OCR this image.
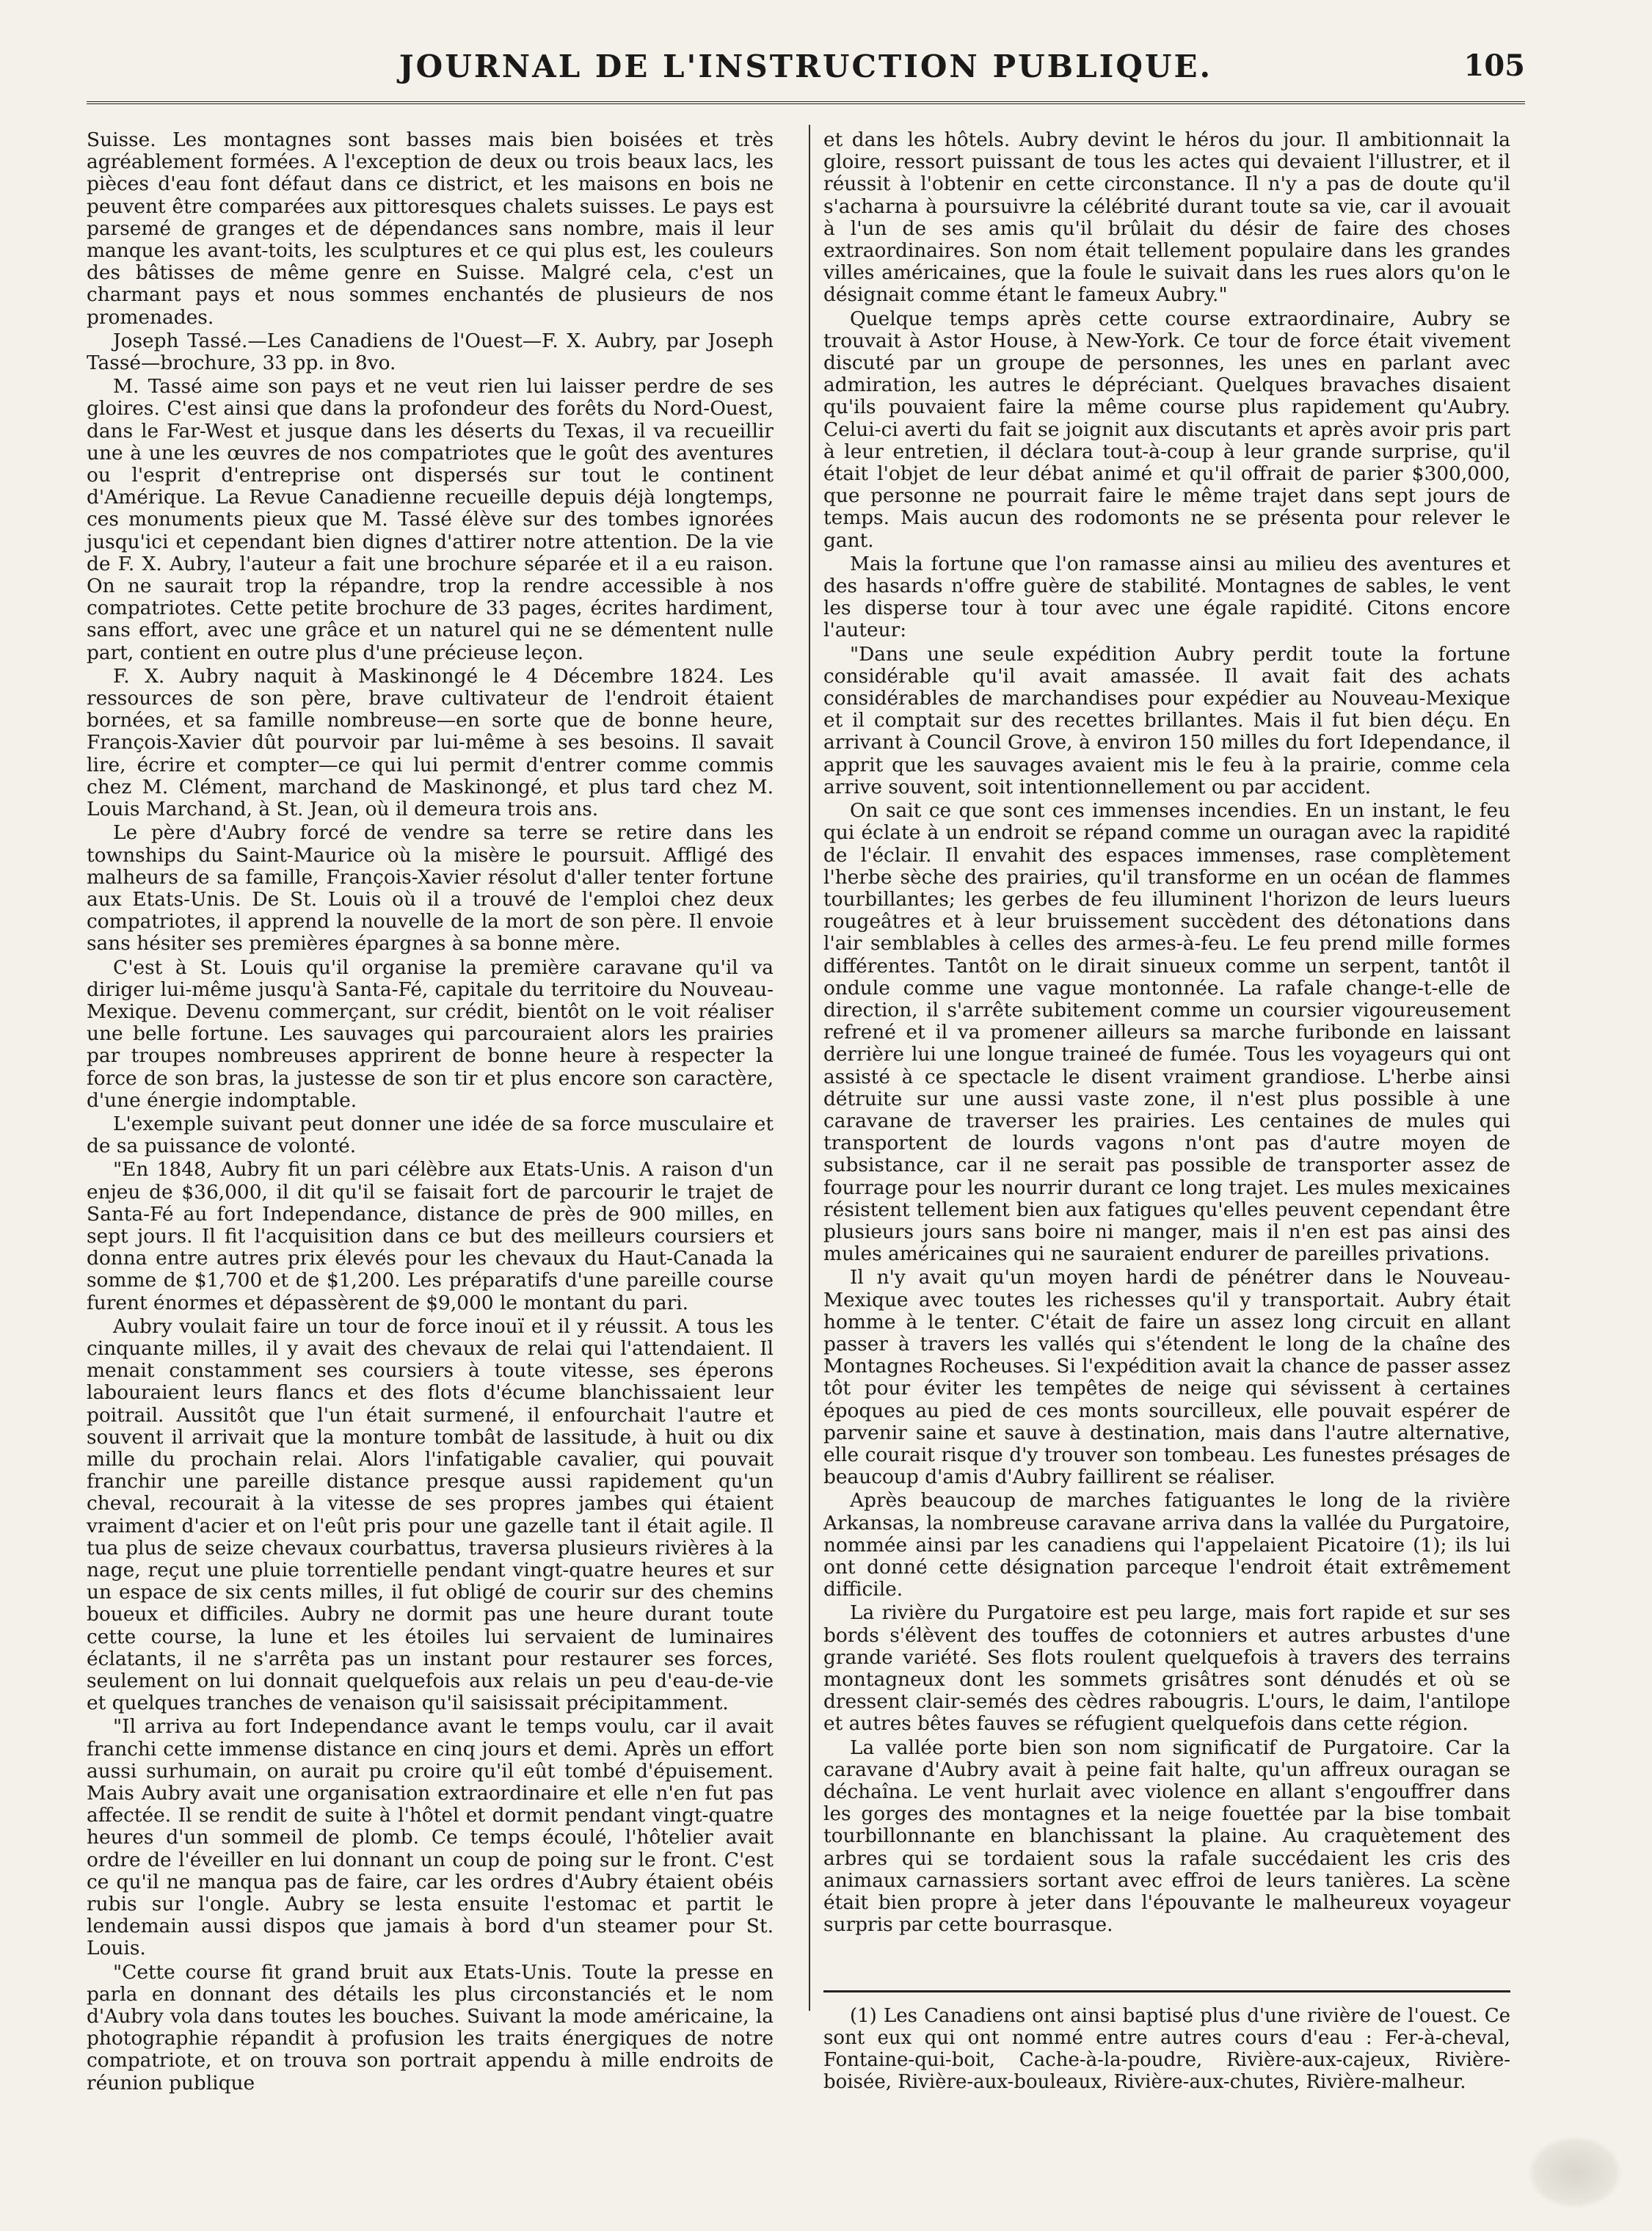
JOURNAL DE L'INSTRUCTION PUBLIQUE.	105

Suisse. Les montagnes sont basses mais bien boisées et très agréablement formées. A l'exception de deux ou trois beaux lacs, les pièces d'eau font défaut dans ce district, et les maisons en bois ne peuvent être comparées aux pittoresques chalets suisses. Le pays est parsemé de granges et de dépendances sans nombre, mais il leur manque les avant-toits, les sculptures et ce qui plus est, les couleurs des bâtisses de même genre en Suisse. Malgré cela, c'est un charmant pays et nous sommes enchantés de plusieurs de nos promenades.

Joseph Tassé.—Les Canadiens de l'Ouest—F. X. Aubry, par Joseph Tassé—brochure, 33 pp. in 8vo.

M. Tassé aime son pays et ne veut rien lui laisser perdre de ses gloires. C'est ainsi que dans la profondeur des forêts du Nord-Ouest, dans le Far-West et jusque dans les déserts du Texas, il va recueillir une à une les œuvres de nos compatriotes que le goût des aventures ou l'esprit d'entreprise ont dispersés sur tout le continent d'Amérique. La Revue Canadienne recueille depuis déjà longtemps, ces monuments pieux que M. Tassé élève sur des tombes ignorées jusqu'ici et cependant bien dignes d'attirer notre attention. De la vie de F. X. Aubry, l'auteur a fait une brochure séparée et il a eu raison. On ne saurait trop la répandre, trop la rendre accessible à nos compatriotes. Cette petite brochure de 33 pages, écrites hardiment, sans effort, avec une grâce et un naturel qui ne se démentent nulle part, contient en outre plus d'une précieuse leçon.

F. X. Aubry naquit à Maskinongé le 4 Décembre 1824. Les ressources de son père, brave cultivateur de l'endroit étaient bornées, et sa famille nombreuse—en sorte que de bonne heure, François-Xavier dût pourvoir par lui-même à ses besoins. Il savait lire, écrire et compter—ce qui lui permit d'entrer comme commis chez M. Clément, marchand de Maskinongé, et plus tard chez M. Louis Marchand, à St. Jean, où il demeura trois ans.

Le père d'Aubry forcé de vendre sa terre se retire dans les townships du Saint-Maurice où la misère le poursuit. Affligé des malheurs de sa famille, François-Xavier résolut d'aller tenter fortune aux Etats-Unis. De St. Louis où il a trouvé de l'emploi chez deux compatriotes, il apprend la nouvelle de la mort de son père. Il envoie sans hésiter ses premières épargnes à sa bonne mère.

C'est à St. Louis qu'il organise la première caravane qu'il va diriger lui-même jusqu'à Santa-Fé, capitale du territoire du Nouveau-Mexique. Devenu commerçant, sur crédit, bientôt on le voit réaliser une belle fortune. Les sauvages qui parcouraient alors les prairies par troupes nombreuses apprirent de bonne heure à respecter la force de son bras, la justesse de son tir et plus encore son caractère, d'une énergie indomptable.

L'exemple suivant peut donner une idée de sa force musculaire et de sa puissance de volonté.

"En 1848, Aubry fit un pari célèbre aux Etats-Unis. A raison d'un enjeu de $36,000, il dit qu'il se faisait fort de parcourir le trajet de Santa-Fé au fort Independance, distance de près de 900 milles, en sept jours. Il fit l'acquisition dans ce but des meilleurs coursiers et donna entre autres prix élevés pour les chevaux du Haut-Canada la somme de $1,700 et de $1,200. Les préparatifs d'une pareille course furent énormes et dépassèrent de $9,000 le montant du pari.

Aubry voulait faire un tour de force inouï et il y réussit. A tous les cinquante milles, il y avait des chevaux de relai qui l'attendaient. Il menait constamment ses coursiers à toute vitesse, ses éperons labouraient leurs flancs et des flots d'écume blanchissaient leur poitrail. Aussitôt que l'un était surmené, il enfourchait l'autre et souvent il arrivait que la monture tombât de lassitude, à huit ou dix mille du prochain relai. Alors l'infatigable cavalier, qui pouvait franchir une pareille distance presque aussi rapidement qu'un cheval, recourait à la vitesse de ses propres jambes qui étaient vraiment d'acier et on l'eût pris pour une gazelle tant il était agile. Il tua plus de seize chevaux courbattus, traversa plusieurs rivières à la nage, reçut une pluie torrentielle pendant vingt-quatre heures et sur un espace de six cents milles, il fut obligé de courir sur des chemins boueux et difficiles. Aubry ne dormit pas une heure durant toute cette course, la lune et les étoiles lui servaient de luminaires éclatants, il ne s'arrêta pas un instant pour restaurer ses forces, seulement on lui donnait quelquefois aux relais un peu d'eau-de-vie et quelques tranches de venaison qu'il saisissait précipitamment.

"Il arriva au fort Independance avant le temps voulu, car il avait franchi cette immense distance en cinq jours et demi. Après un effort aussi surhumain, on aurait pu croire qu'il eût tombé d'épuisement. Mais Aubry avait une organisation extraordinaire et elle n'en fut pas affectée. Il se rendit de suite à l'hôtel et dormit pendant vingt-quatre heures d'un sommeil de plomb. Ce temps écoulé, l'hôtelier avait ordre de l'éveiller en lui donnant un coup de poing sur le front. C'est ce qu'il ne manqua pas de faire, car les ordres d'Aubry étaient obéis rubis sur l'ongle. Aubry se lesta ensuite l'estomac et partit le lendemain aussi dispos que jamais à bord d'un steamer pour St. Louis.

"Cette course fit grand bruit aux Etats-Unis. Toute la presse en parla en donnant des détails les plus circonstanciés et le nom d'Aubry vola dans toutes les bouches. Suivant la mode américaine, la photographie répandit à profusion les traits énergiques de notre compatriote, et on trouva son portrait appendu à mille endroits de réunion publique

et dans les hôtels. Aubry devint le héros du jour. Il ambitionnait la gloire, ressort puissant de tous les actes qui devaient l'illustrer, et il réussit à l'obtenir en cette circonstance. Il n'y a pas de doute qu'il s'acharna à poursuivre la célébrité durant toute sa vie, car il avouait à l'un de ses amis qu'il brûlait du désir de faire des choses extraordinaires. Son nom était tellement populaire dans les grandes villes américaines, que la foule le suivait dans les rues alors qu'on le désignait comme étant le fameux Aubry."

Quelque temps après cette course extraordinaire, Aubry se trouvait à Astor House, à New-York. Ce tour de force était vivement discuté par un groupe de personnes, les unes en parlant avec admiration, les autres le dépréciant. Quelques bravaches disaient qu'ils pouvaient faire la même course plus rapidement qu'Aubry. Celui-ci averti du fait se joignit aux discutants et après avoir pris part à leur entretien, il déclara tout-à-coup à leur grande surprise, qu'il était l'objet de leur débat animé et qu'il offrait de parier $300,000, que personne ne pourrait faire le même trajet dans sept jours de temps. Mais aucun des rodomonts ne se présenta pour relever le gant.

Mais la fortune que l'on ramasse ainsi au milieu des aventures et des hasards n'offre guère de stabilité. Montagnes de sables, le vent les disperse tour à tour avec une égale rapidité. Citons encore l'auteur:

"Dans une seule expédition Aubry perdit toute la fortune considérable qu'il avait amassée. Il avait fait des achats considérables de marchandises pour expédier au Nouveau-Mexique et il comptait sur des recettes brillantes. Mais il fut bien déçu. En arrivant à Council Grove, à environ 150 milles du fort Idependance, il apprit que les sauvages avaient mis le feu à la prairie, comme cela arrive souvent, soit intentionnellement ou par accident.

On sait ce que sont ces immenses incendies. En un instant, le feu qui éclate à un endroit se répand comme un ouragan avec la rapidité de l'éclair. Il envahit des espaces immenses, rase complètement l'herbe sèche des prairies, qu'il transforme en un océan de flammes tourbillantes; les gerbes de feu illuminent l'horizon de leurs lueurs rougeâtres et à leur bruissement succèdent des détonations dans l'air semblables à celles des armes-à-feu. Le feu prend mille formes différentes. Tantôt on le dirait sinueux comme un serpent, tantôt il ondule comme une vague montonnée. La rafale change-t-elle de direction, il s'arrête subitement comme un coursier vigoureusement refrené et il va promener ailleurs sa marche furibonde en laissant derrière lui une longue traineé de fumée. Tous les voyageurs qui ont assisté à ce spectacle le disent vraiment grandiose. L'herbe ainsi détruite sur une aussi vaste zone, il n'est plus possible à une caravane de traverser les prairies. Les centaines de mules qui transportent de lourds vagons n'ont pas d'autre moyen de subsistance, car il ne serait pas possible de transporter assez de fourrage pour les nourrir durant ce long trajet. Les mules mexicaines résistent tellement bien aux fatigues qu'elles peuvent cependant être plusieurs jours sans boire ni manger, mais il n'en est pas ainsi des mules américaines qui ne sauraient endurer de pareilles privations.

Il n'y avait qu'un moyen hardi de pénétrer dans le Nouveau-Mexique avec toutes les richesses qu'il y transportait. Aubry était homme à le tenter. C'était de faire un assez long circuit en allant passer à travers les vallés qui s'étendent le long de la chaîne des Montagnes Rocheuses. Si l'expédition avait la chance de passer assez tôt pour éviter les tempêtes de neige qui sévissent à certaines époques au pied de ces monts sourcilleux, elle pouvait espérer de parvenir saine et sauve à destination, mais dans l'autre alternative, elle courait risque d'y trouver son tombeau. Les funestes présages de beaucoup d'amis d'Aubry faillirent se réaliser.

Après beaucoup de marches fatiguantes le long de la rivière Arkansas, la nombreuse caravane arriva dans la vallée du Purgatoire, nommée ainsi par les canadiens qui l'appelaient Picatoire (1); ils lui ont donné cette désignation parceque l'endroit était extrêmement difficile.

La rivière du Purgatoire est peu large, mais fort rapide et sur ses bords s'élèvent des touffes de cotonniers et autres arbustes d'une grande variété. Ses flots roulent quelquefois à travers des terrains montagneux dont les sommets grisâtres sont dénudés et où se dressent clair-semés des cèdres rabougris. L'ours, le daim, l'antilope et autres bêtes fauves se réfugient quelquefois dans cette région.

La vallée porte bien son nom significatif de Purgatoire. Car la caravane d'Aubry avait à peine fait halte, qu'un affreux ouragan se déchaîna. Le vent hurlait avec violence en allant s'engouffrer dans les gorges des montagnes et la neige fouettée par la bise tombait tourbillonnante en blanchissant la plaine. Au craquètement des arbres qui se tordaient sous la rafale succédaient les cris des animaux carnassiers sortant avec effroi de leurs tanières. La scène était bien propre à jeter dans l'épouvante le malheureux voyageur surpris par cette bourrasque.

(1) Les Canadiens ont ainsi baptisé plus d'une rivière de l'ouest. Ce sont eux qui ont nommé entre autres cours d'eau : Fer-à-cheval, Fontaine-qui-boit, Cache-à-la-poudre, Rivière-aux-cajeux, Rivière-boisée, Rivière-aux-bouleaux, Rivière-aux-chutes, Rivière-malheur.
